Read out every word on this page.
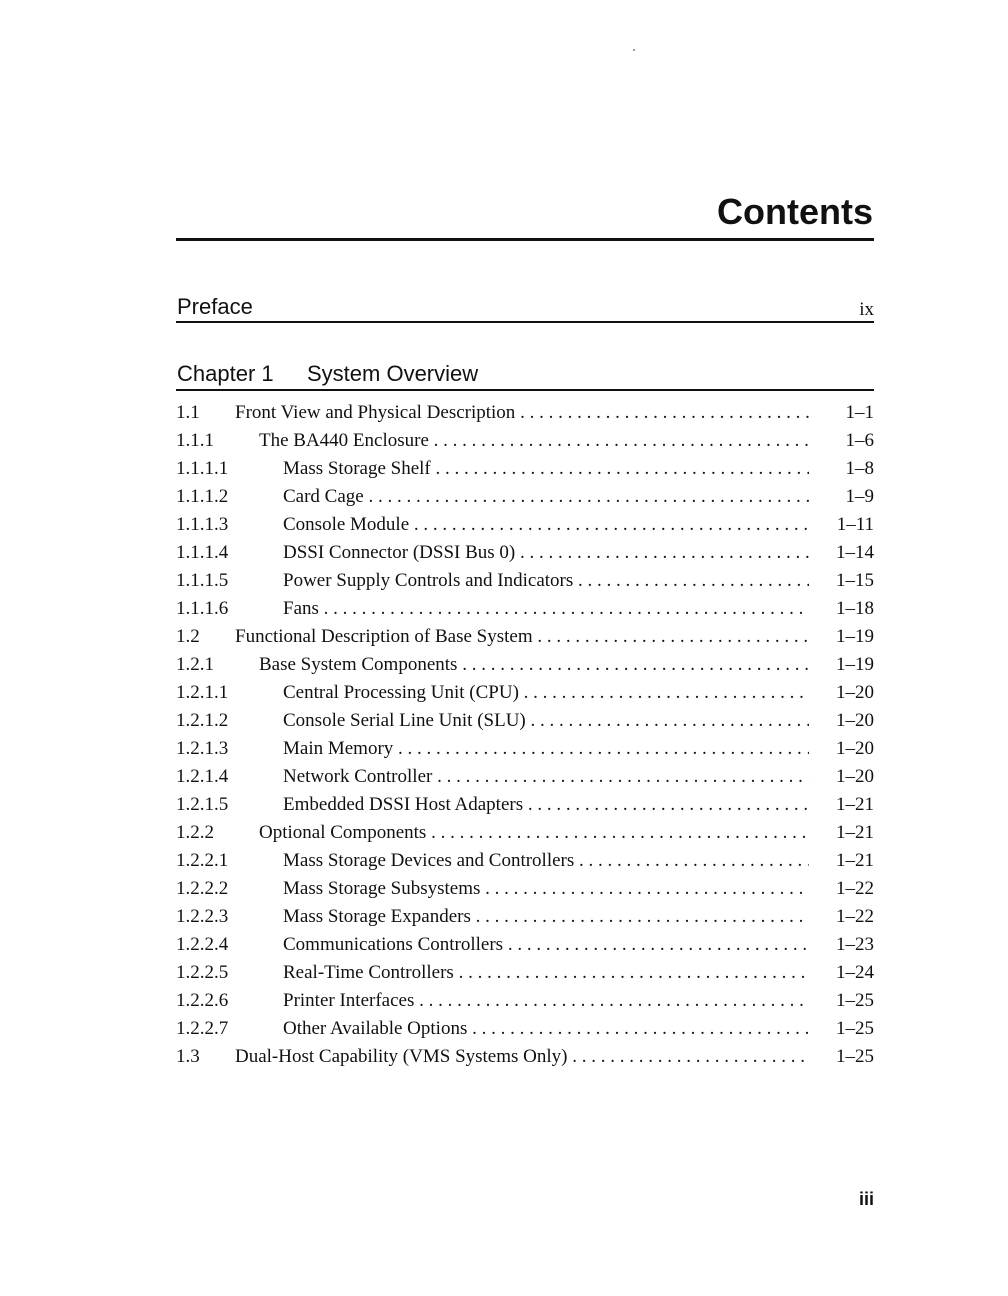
Contents
Preface	ix
Chapter 1 System Overview
1.1 Front View and Physical Description . . .	1–1
1.1.1 The BA440 Enclosure . . .	1–6
1.1.1.1	Mass Storage Shelf . . .	1–8
1.1.1.2	Card Cage . . .	1–9
1.1.1.3	Console Module . . .	1–11
1.1.1.4	DSSI Connector (DSSI Bus 0) . . .	1–14
1.1.1.5	Power Supply Controls and Indicators . . .	1–15
1.1.1.6	Fans . . .	1–18
1.2 Functional Description of Base System . . .	1–19
1.2.1 Base System Components . . .	1–19
1.2.1.1	Central Processing Unit (CPU) . . .	1–20
1.2.1.2	Console Serial Line Unit (SLU) . . .	1–20
1.2.1.3	Main Memory . . .	1–20
1.2.1.4	Network Controller . . .	1–20
1.2.1.5	Embedded DSSI Host Adapters . . .	1–21
1.2.2 Optional Components . . .	1–21
1.2.2.1	Mass Storage Devices and Controllers . . .	1–21
1.2.2.2	Mass Storage Subsystems . . .	1–22
1.2.2.3	Mass Storage Expanders . . .	1–22
1.2.2.4	Communications Controllers . . .	1–23
1.2.2.5	Real-Time Controllers . . .	1–24
1.2.2.6	Printer Interfaces . . .	1–25
1.2.2.7	Other Available Options . . .	1–25
1.3 Dual-Host Capability (VMS Systems Only) . . .	1–25
iii
